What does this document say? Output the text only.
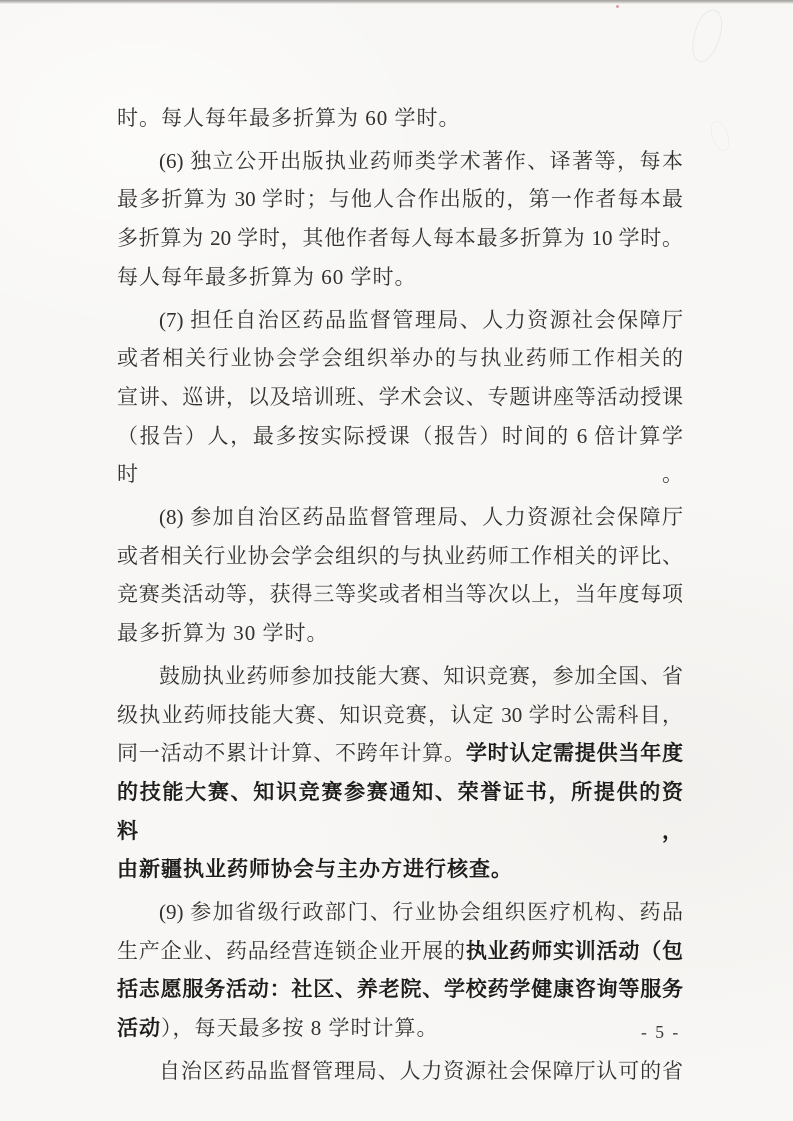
时。每人每年最多折算为 60 学时。
(6) 独立公开出版执业药师类学术著作、译著等，每本
最多折算为 30 学时；与他人合作出版的，第一作者每本最
多折算为 20 学时，其他作者每人每本最多折算为 10 学时。
每人每年最多折算为 60 学时。
(7) 担任自治区药品监督管理局、人力资源社会保障厅
或者相关行业协会学会组织举办的与执业药师工作相关的
宣讲、巡讲，以及培训班、学术会议、专题讲座等活动授课
（报告）人，最多按实际授课（报告）时间的 6 倍计算学时。
(8) 参加自治区药品监督管理局、人力资源社会保障厅
或者相关行业协会学会组织的与执业药师工作相关的评比、
竞赛类活动等，获得三等奖或者相当等次以上，当年度每项
最多折算为 30 学时。
鼓励执业药师参加技能大赛、知识竞赛，参加全国、省
级执业药师技能大赛、知识竞赛，认定 30 学时公需科目，
同一活动不累计计算、不跨年计算。学时认定需提供当年度
的技能大赛、知识竞赛参赛通知、荣誉证书，所提供的资料，
由新疆执业药师协会与主办方进行核查。
(9) 参加省级行政部门、行业协会组织医疗机构、药品
生产企业、药品经营连锁企业开展的执业药师实训活动（包
括志愿服务活动：社区、养老院、学校药学健康咨询等服务
活动），每天最多按 8 学时计算。
自治区药品监督管理局、人力资源社会保障厅认可的省
- 5 -
